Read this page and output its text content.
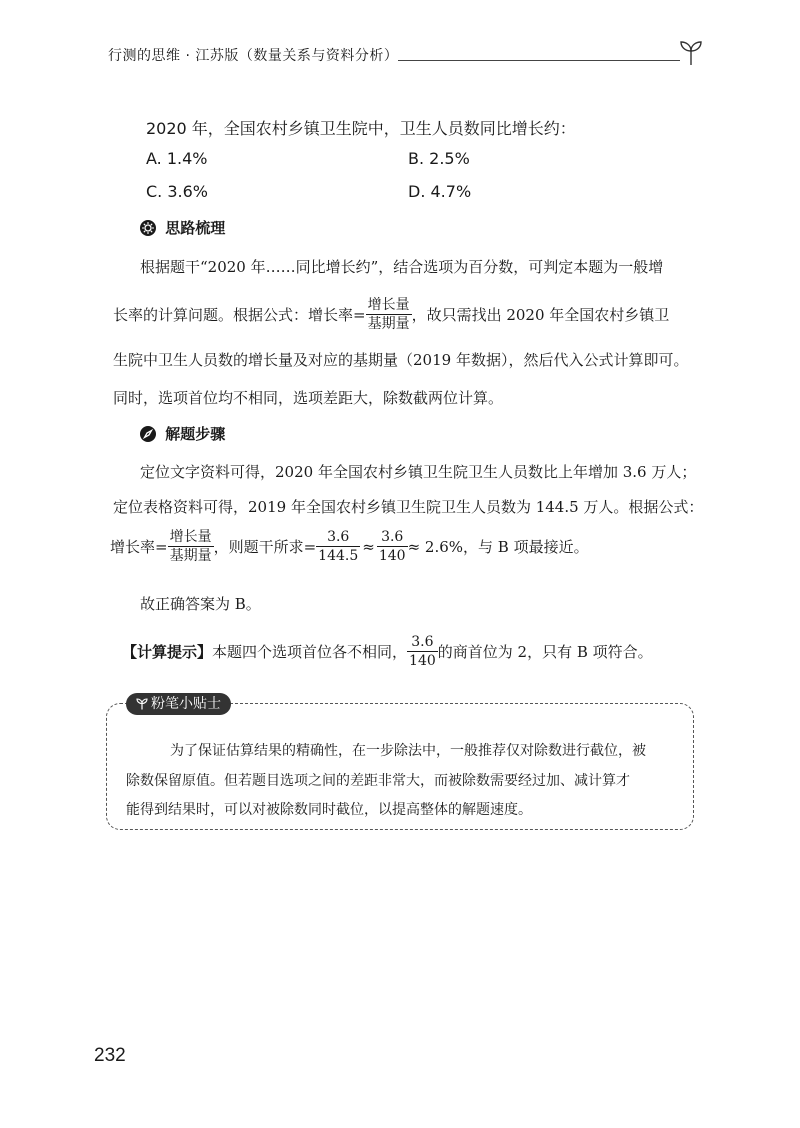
行测的思维 · 江苏版（数量关系与资料分析）
2020 年，全国农村乡镇卫生院中，卫生人员数同比增长约：
A. 1.4%	B. 2.5%
C. 3.6%	D. 4.7%
思路梳理
根据题干“2020 年……同比增长约”，结合选项为百分数，可判定本题为一般增
长率的计算问题。根据公式：增长率= $\frac{\text{增长量}}{\text{基期量}}$ ，故只需找出 2020 年全国农村乡镇卫
生院中卫生人员数的增长量及对应的基期量（2019 年数据），然后代入公式计算即可。
同时，选项首位均不相同，选项差距大，除数截两位计算。
解题步骤
定位文字资料可得，2020 年全国农村乡镇卫生院卫生人员数比上年增加 3.6 万人；
定位表格资料可得，2019 年全国农村乡镇卫生院卫生人员数为 144.5 万人。根据公式：
增长率= $\frac{\text{增长量}}{\text{基期量}}$ ，则题干所求= $\frac{3.6}{144.5} \approx \frac{3.6}{140} \approx 2.6\%$，与 B 项最接近。
故正确答案为 B。
【计算提示】本题四个选项首位各不相同， $\frac{3.6}{140}$ 的商首位为 2，只有 B 项符合。
粉笔小贴士
为了保证估算结果的精确性，在一步除法中，一般推荐仅对除数进行截位，被
除数保留原值。但若题目选项之间的差距非常大，而被除数需要经过加、减计算才
能得到结果时，可以对被除数同时截位，以提高整体的解题速度。
232
